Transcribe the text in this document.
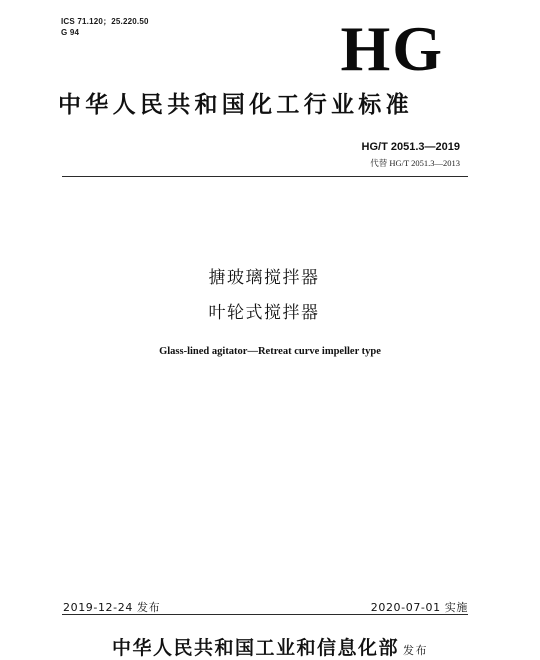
ICS 71.120；25.220.50
G 94	HG
中华人民共和国化工行业标准
HG/T 2051.3—2019
代替 HG/T 2051.3—2013
搪玻璃搅拌器
叶轮式搅拌器
Glass-lined agitator—Retreat curve impeller type
2019-12-24 发布	2020-07-01 实施
中华人民共和国工业和信息化部 发布
